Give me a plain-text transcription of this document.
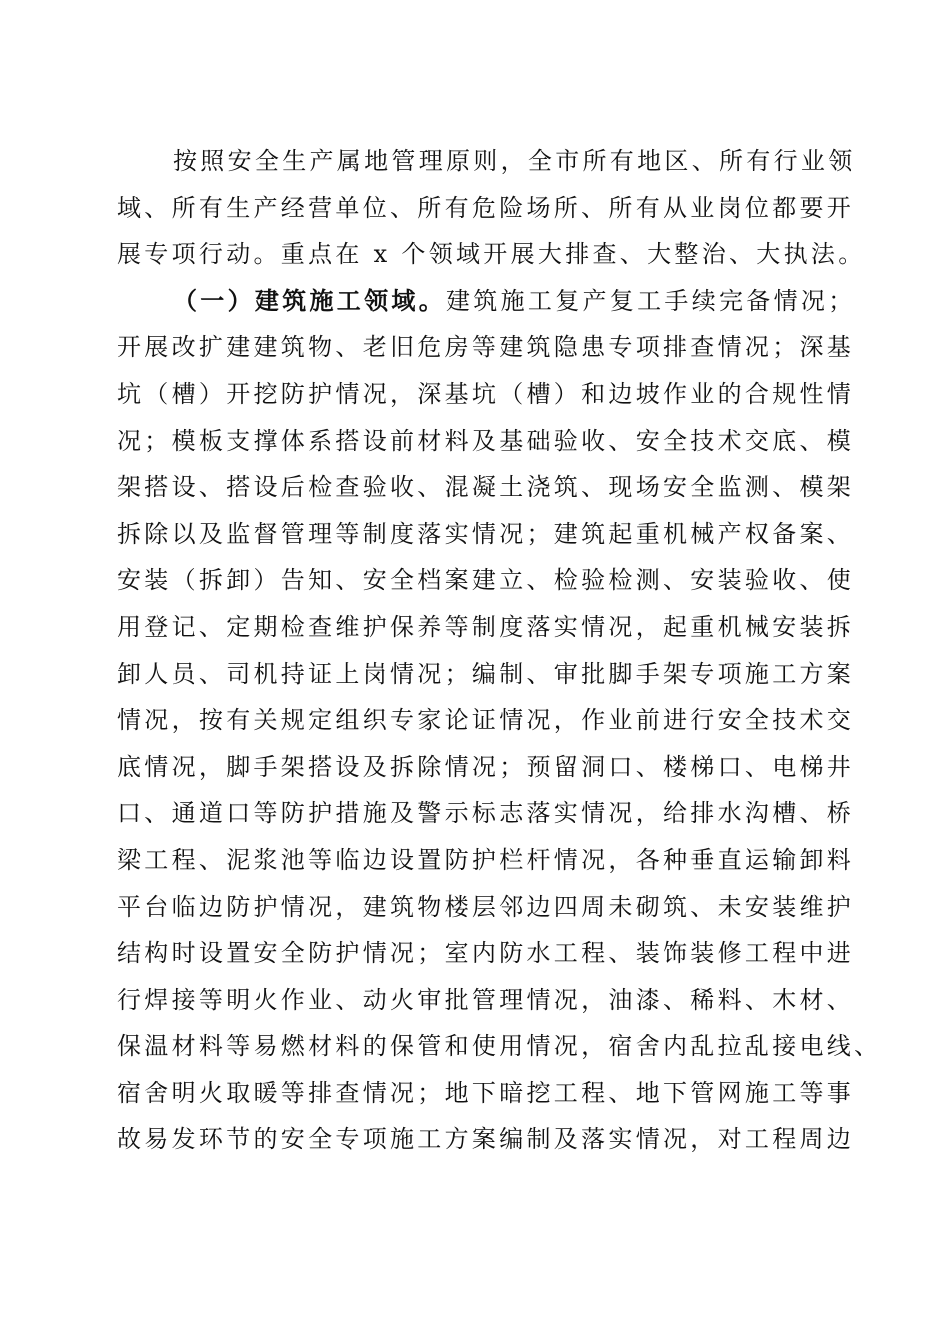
按照安全生产属地管理原则，全市所有地区、所有行业领
域、所有生产经营单位、所有危险场所、所有从业岗位都要开
展专项行动。重点在 x 个领域开展大排查、大整治、大执法。
（一）建筑施工领域。建筑施工复产复工手续完备情况；
开展改扩建建筑物、老旧危房等建筑隐患专项排查情况；深基
坑（槽）开挖防护情况，深基坑（槽）和边坡作业的合规性情
况；模板支撑体系搭设前材料及基础验收、安全技术交底、模
架搭设、搭设后检查验收、混凝土浇筑、现场安全监测、模架
拆除以及监督管理等制度落实情况；建筑起重机械产权备案、
安装（拆卸）告知、安全档案建立、检验检测、安装验收、使
用登记、定期检查维护保养等制度落实情况，起重机械安装拆
卸人员、司机持证上岗情况；编制、审批脚手架专项施工方案
情况，按有关规定组织专家论证情况，作业前进行安全技术交
底情况，脚手架搭设及拆除情况；预留洞口、楼梯口、电梯井
口、通道口等防护措施及警示标志落实情况，给排水沟槽、桥
梁工程、泥浆池等临边设置防护栏杆情况，各种垂直运输卸料
平台临边防护情况，建筑物楼层邻边四周未砌筑、未安装维护
结构时设置安全防护情况；室内防水工程、装饰装修工程中进
行焊接等明火作业、动火审批管理情况，油漆、稀料、木材、
保温材料等易燃材料的保管和使用情况，宿舍内乱拉乱接电线、
宿舍明火取暖等排查情况；地下暗挖工程、地下管网施工等事
故易发环节的安全专项施工方案编制及落实情况，对工程周边
